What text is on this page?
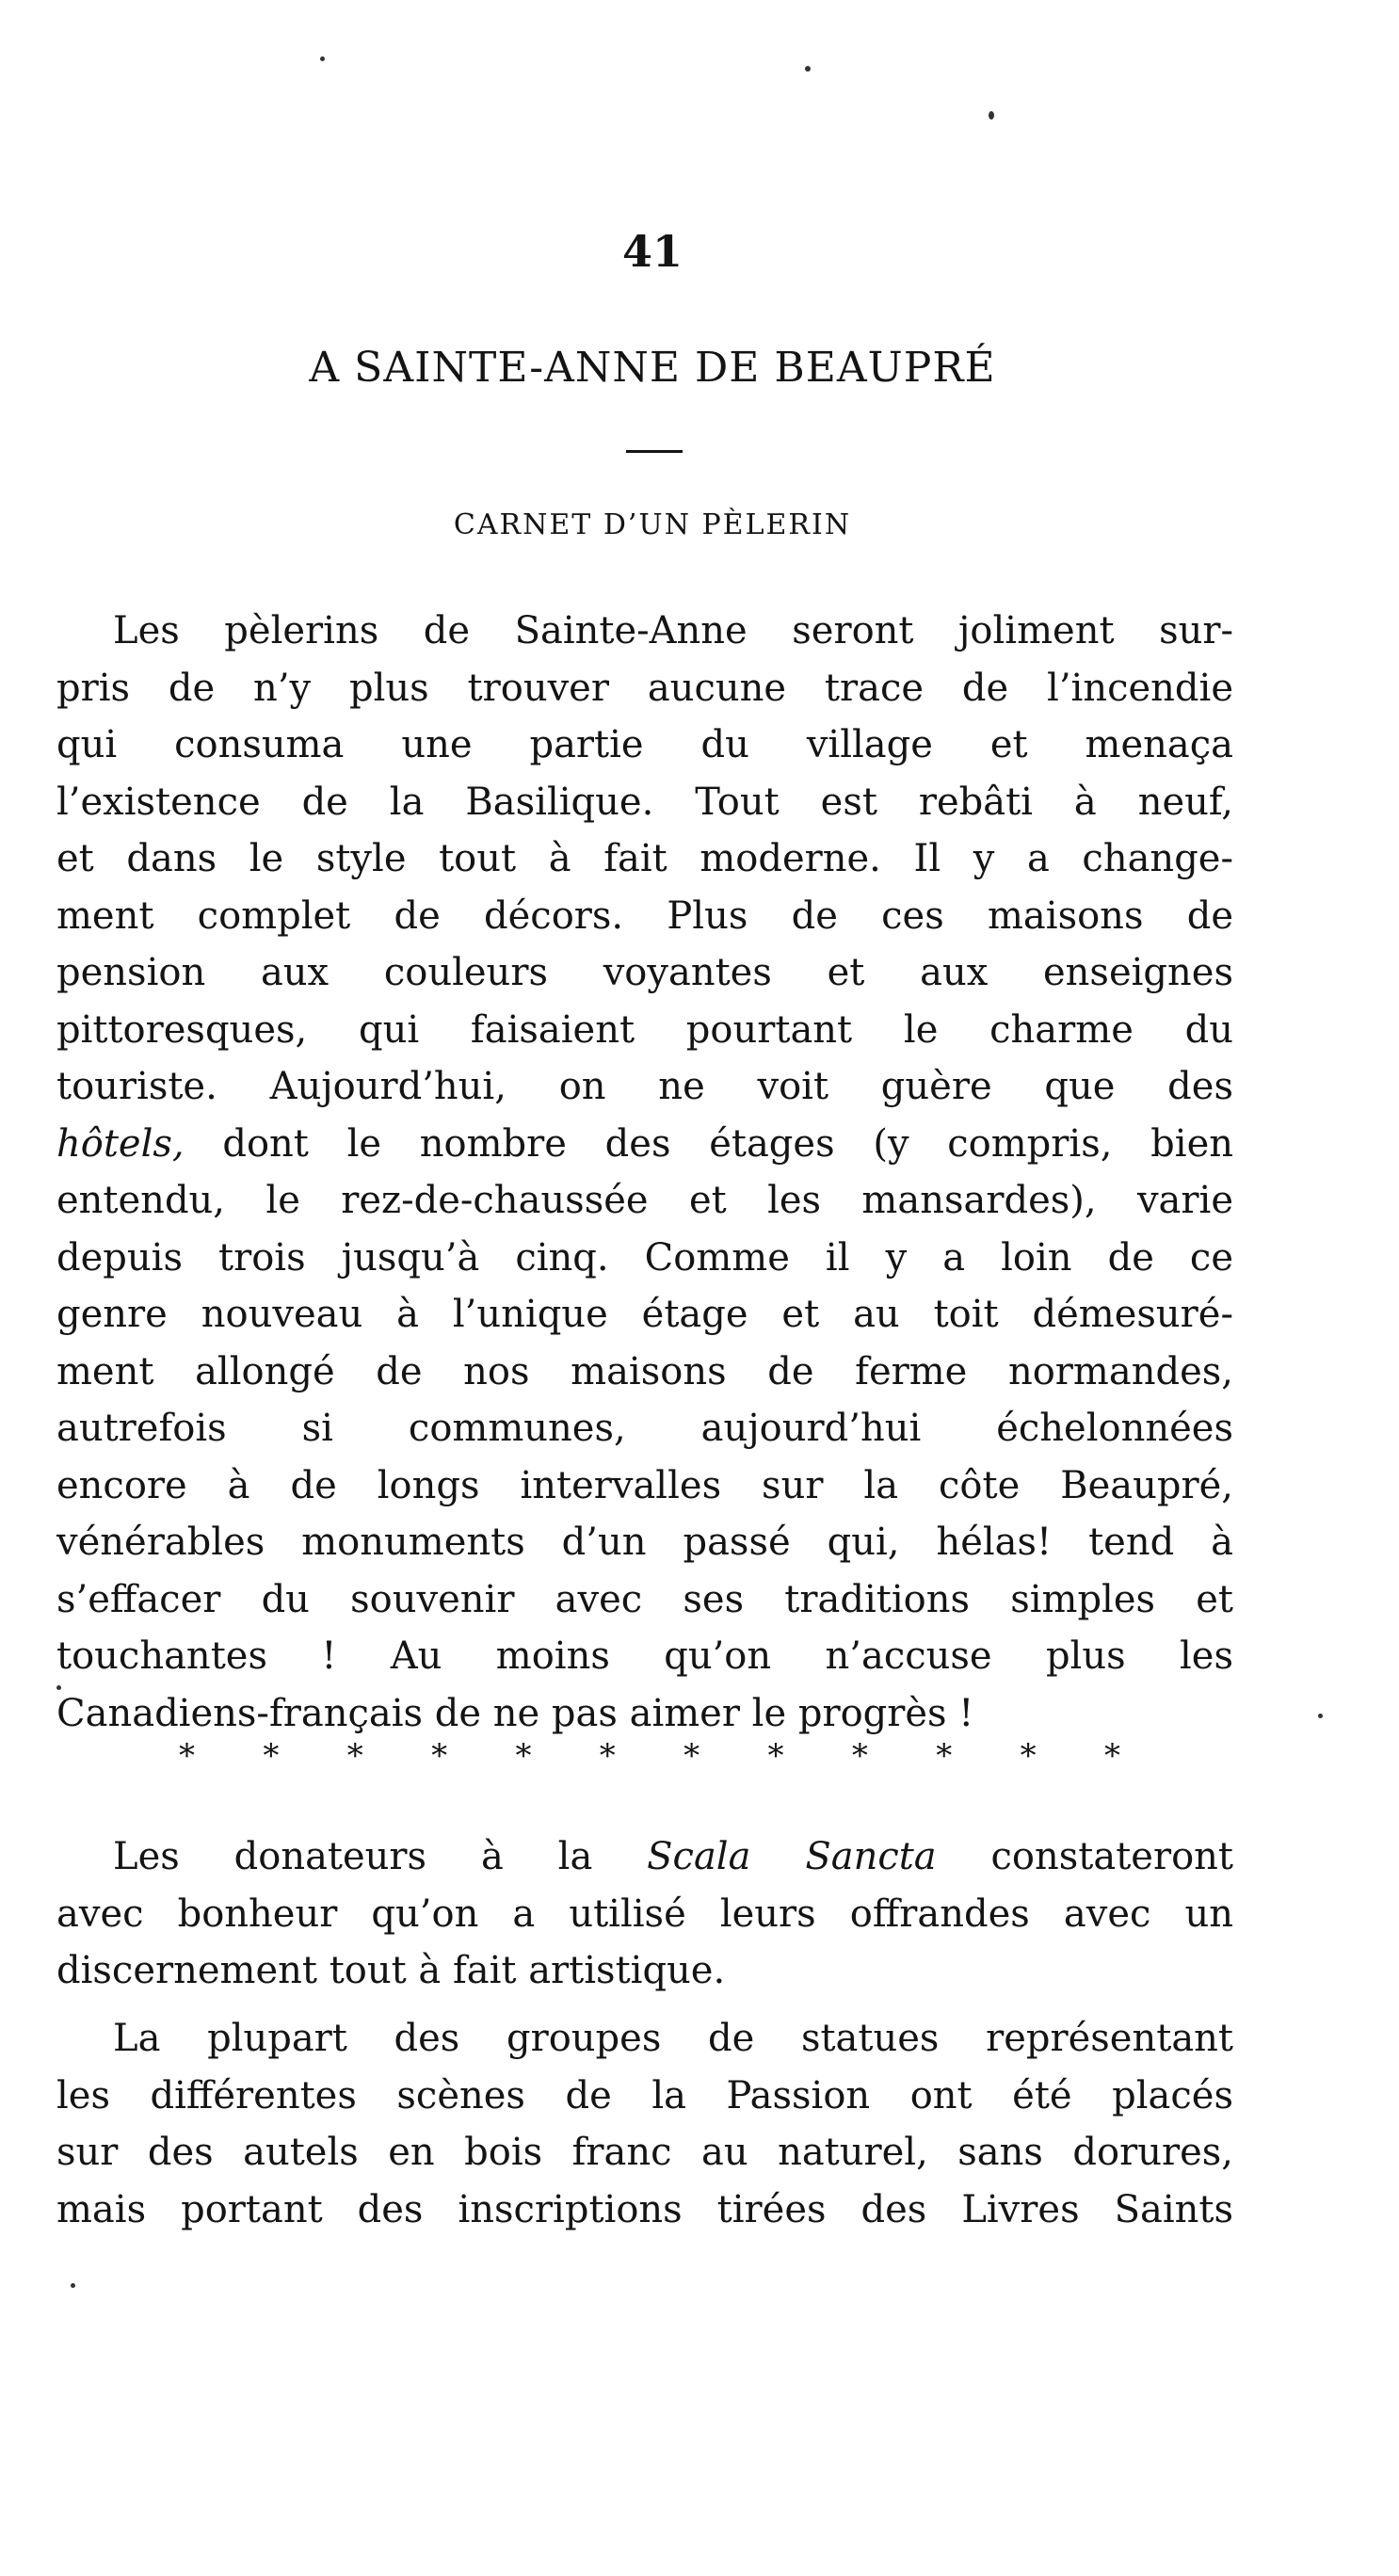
41
A SAINTE-ANNE DE BEAUPRÉ
CARNET D’UN PÈLERIN
Les pèlerins de Sainte-Anne seront joliment sur-
pris de n’y plus trouver aucune trace de l’incendie
qui consuma une partie du village et menaça
l’existence de la Basilique. Tout est rebâti à neuf,
et dans le style tout à fait moderne. Il y a change-
ment complet de décors. Plus de ces maisons de
pension aux couleurs voyantes et aux enseignes
pittoresques, qui faisaient pourtant le charme du
touriste. Aujourd’hui, on ne voit guère que des
hôtels, dont le nombre des étages (y compris, bien
entendu, le rez-de-chaussée et les mansardes), varie
depuis trois jusqu’à cinq. Comme il y a loin de ce
genre nouveau à l’unique étage et au toit démesuré-
ment allongé de nos maisons de ferme normandes,
autrefois si communes, aujourd’hui échelonnées
encore à de longs intervalles sur la côte Beaupré,
vénérables monuments d’un passé qui, hélas! tend à
s’effacer du souvenir avec ses traditions simples et
touchantes ! Au moins qu’on n’accuse plus les
Canadiens-français de ne pas aimer le progrès !
* * * * * * * * * * * *
Les donateurs à la Scala Sancta constateront
avec bonheur qu’on a utilisé leurs offrandes avec un
discernement tout à fait artistique.
La plupart des groupes de statues représentant
les différentes scènes de la Passion ont été placés
sur des autels en bois franc au naturel, sans dorures,
mais portant des inscriptions tirées des Livres Saints
